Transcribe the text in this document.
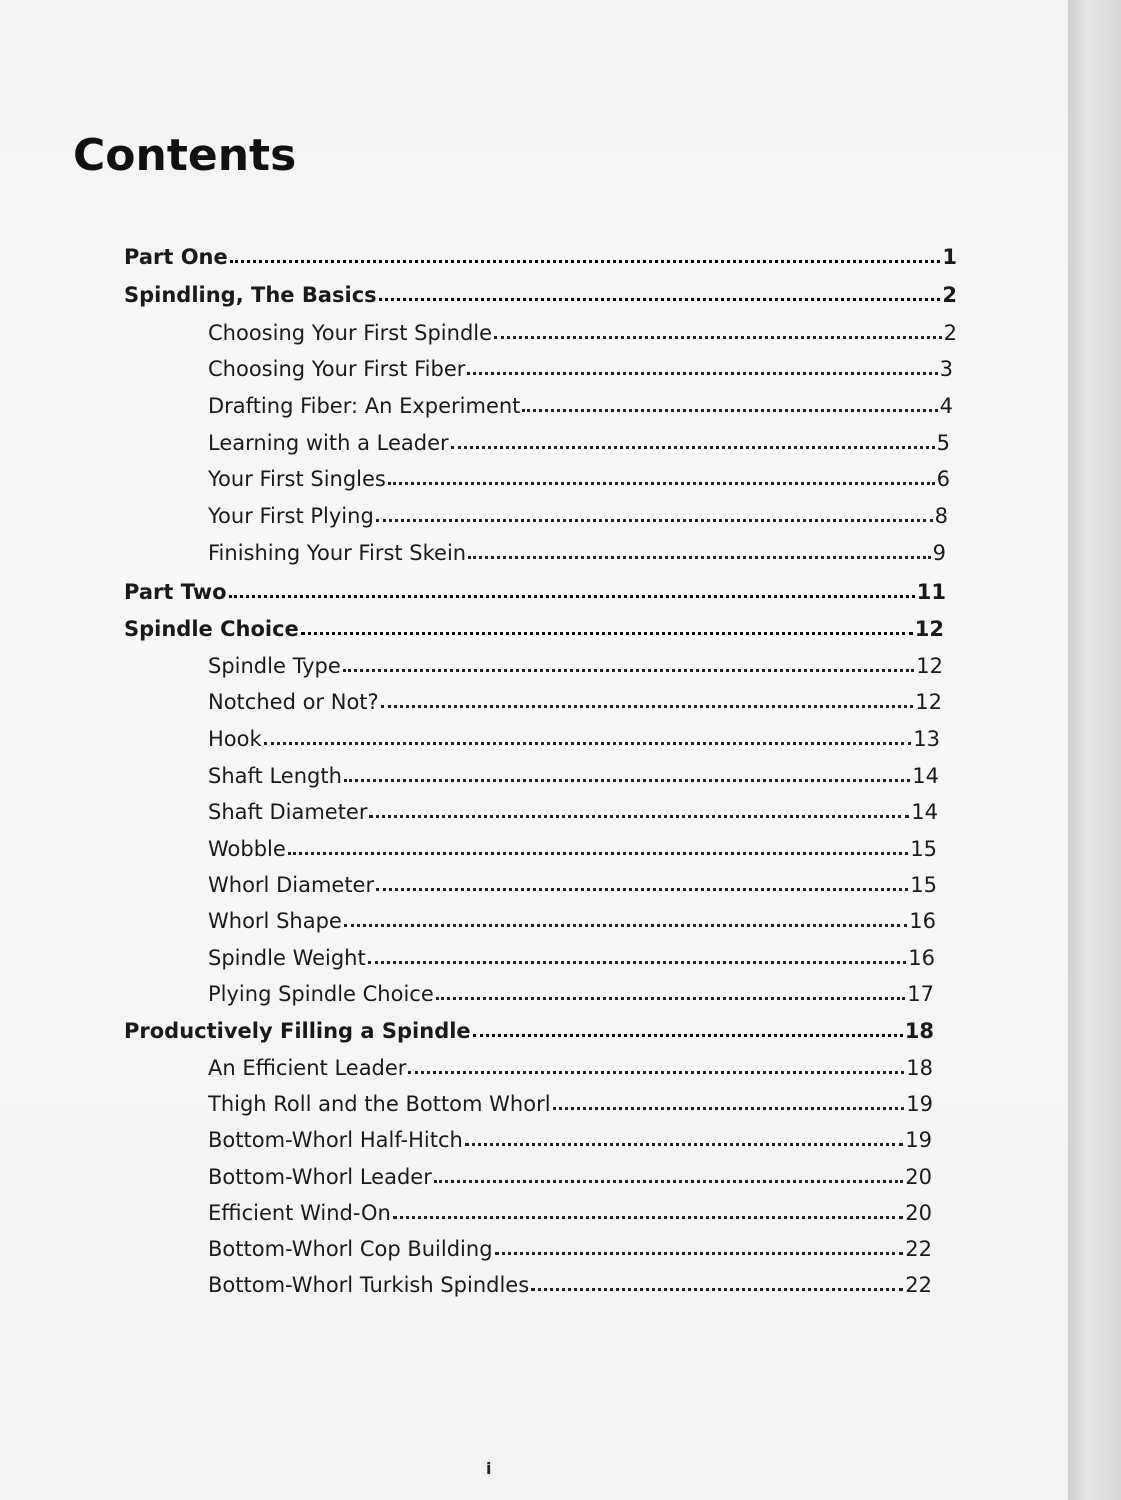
Contents
Part One	1
Spindling, The Basics	2
Choosing Your First Spindle	2
Choosing Your First Fiber	3
Drafting Fiber: An Experiment	4
Learning with a Leader	5
Your First Singles	6
Your First Plying	8
Finishing Your First Skein	9
Part Two	11
Spindle Choice	12
Spindle Type	12
Notched or Not?	12
Hook	13
Shaft Length	14
Shaft Diameter	14
Wobble	15
Whorl Diameter	15
Whorl Shape	16
Spindle Weight	16
Plying Spindle Choice	17
Productively Filling a Spindle	18
An Efficient Leader	18
Thigh Roll and the Bottom Whorl	19
Bottom-Whorl Half-Hitch	19
Bottom-Whorl Leader	20
Efficient Wind-On	20
Bottom-Whorl Cop Building	22
Bottom-Whorl Turkish Spindles	22
i
